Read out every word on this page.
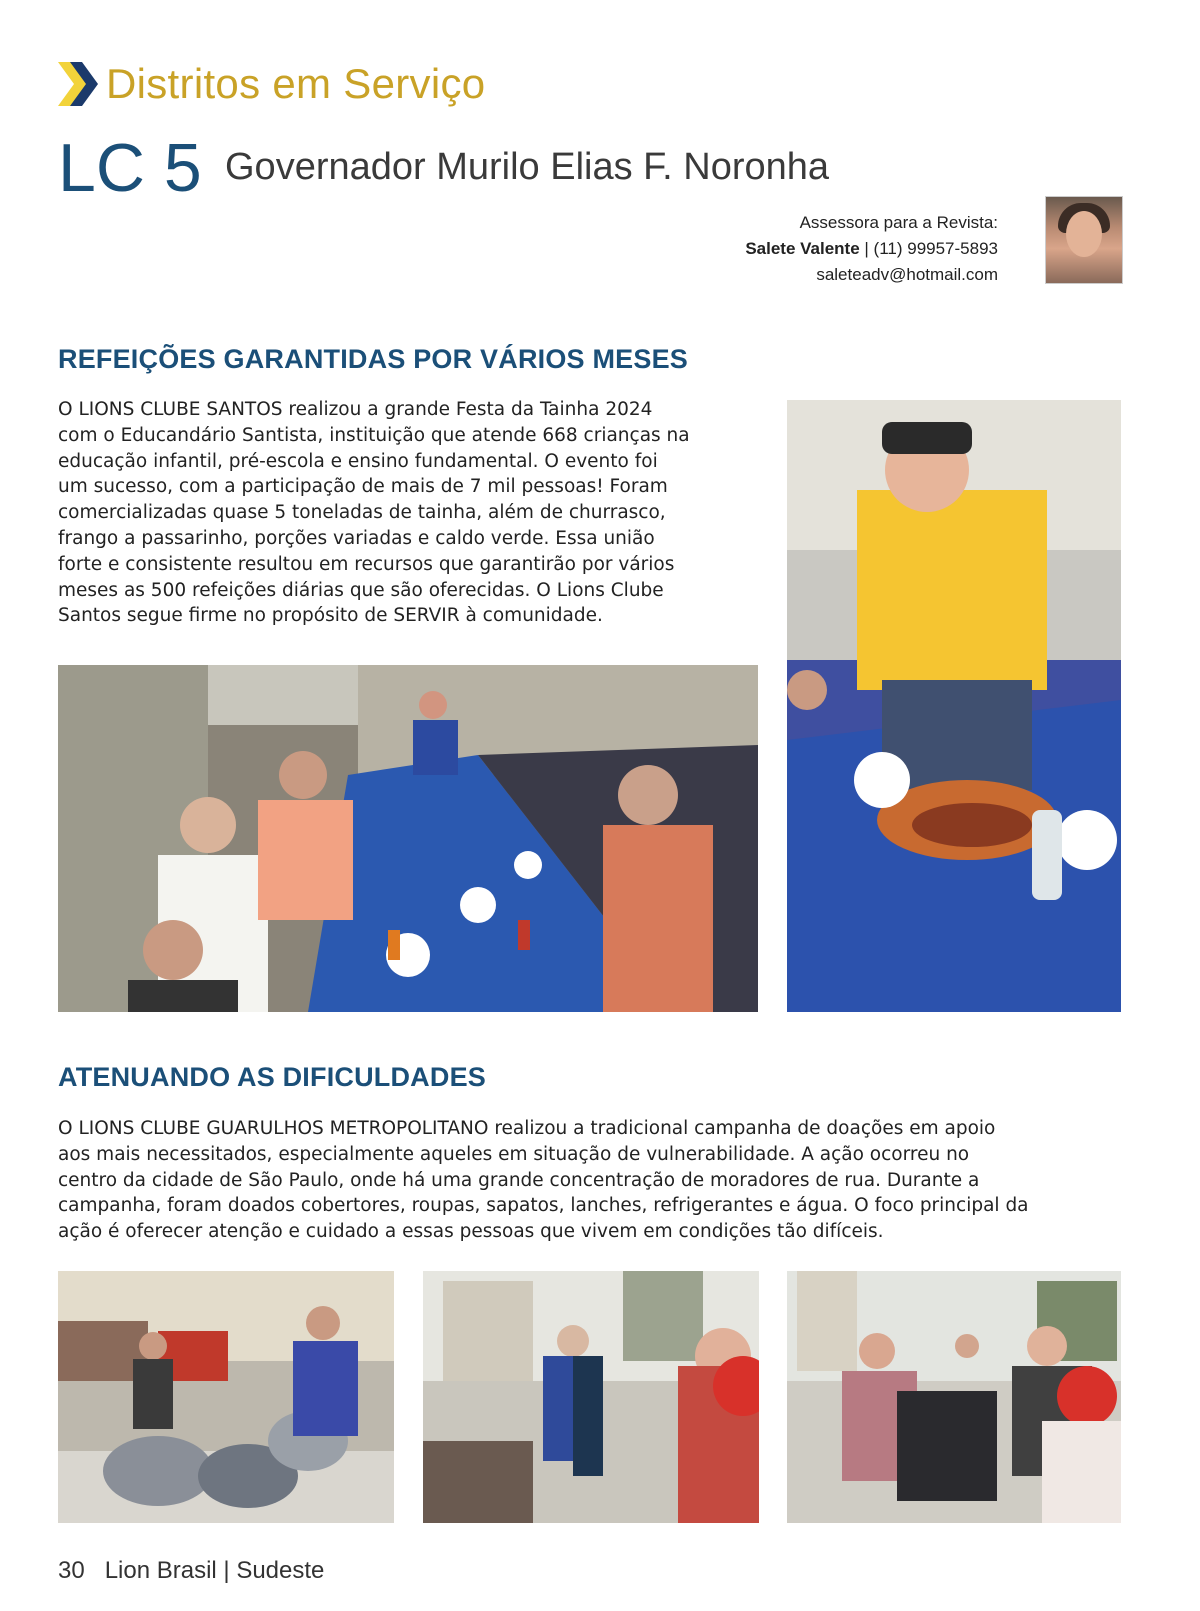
Distritos em Serviço
LC 5 Governador Murilo Elias F. Noronha
Assessora para a Revista:
Salete Valente | (11) 99957-5893
saleteadv@hotmail.com
REFEIÇÕES GARANTIDAS POR VÁRIOS MESES
O LIONS CLUBE SANTOS realizou a grande Festa da Tainha 2024
com o Educandário Santista, instituição que atende 668 crianças na
educação infantil, pré-escola e ensino fundamental. O evento foi
um sucesso, com a participação de mais de 7 mil pessoas! Foram
comercializadas quase 5 toneladas de tainha, além de churrasco,
frango a passarinho, porções variadas e caldo verde. Essa união
forte e consistente resultou em recursos que garantirão por vários
meses as 500 refeições diárias que são oferecidas. O Lions Clube
Santos segue firme no propósito de SERVIR à comunidade.
ATENUANDO AS DIFICULDADES
O LIONS CLUBE GUARULHOS METROPOLITANO realizou a tradicional campanha de doações em apoio
aos mais necessitados, especialmente aqueles em situação de vulnerabilidade. A ação ocorreu no
centro da cidade de São Paulo, onde há uma grande concentração de moradores de rua. Durante a
campanha, foram doados cobertores, roupas, sapatos, lanches, refrigerantes e água. O foco principal da
ação é oferecer atenção e cuidado a essas pessoas que vivem em condições tão difíceis.
30 Lion Brasil | Sudeste
